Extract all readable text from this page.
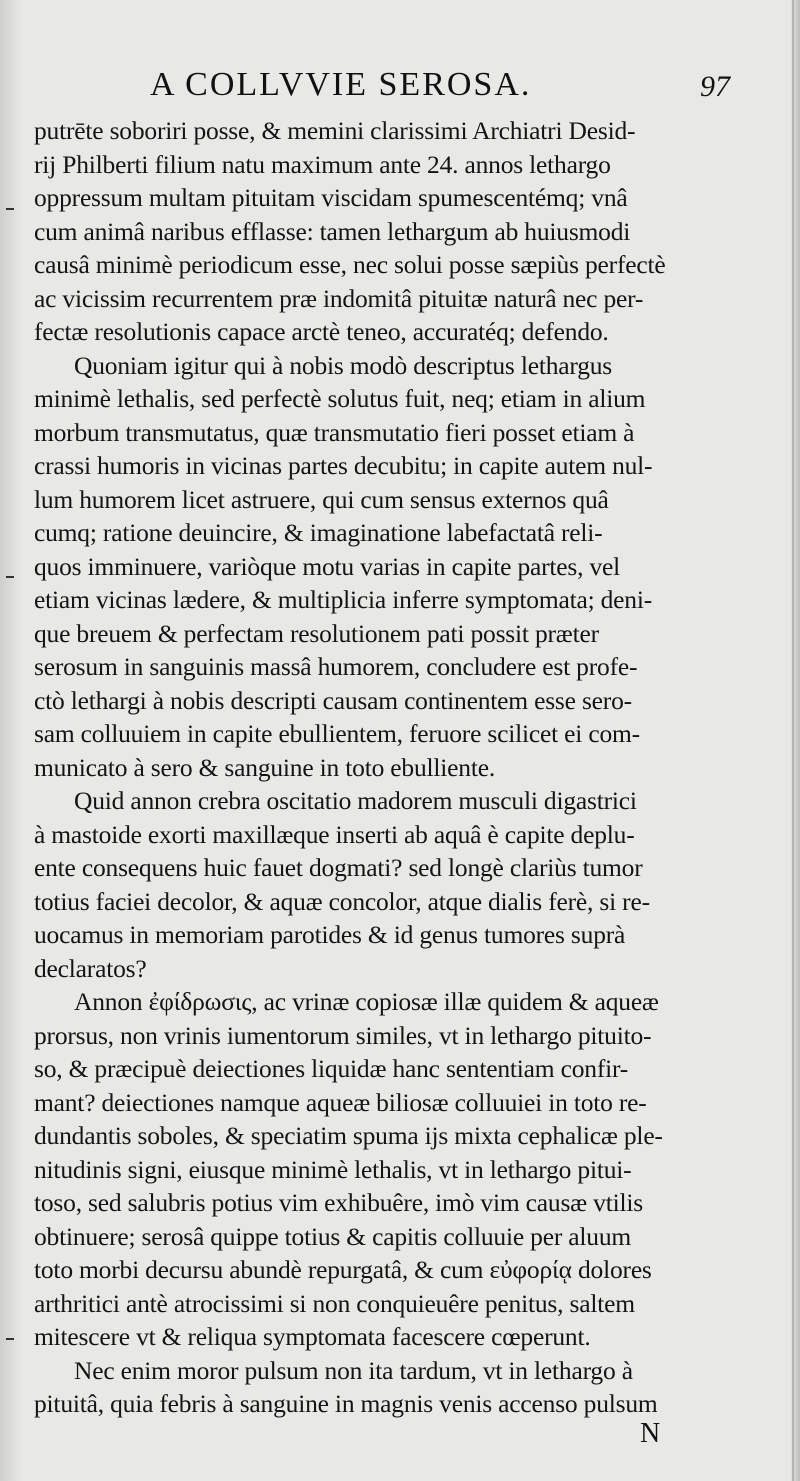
A COLLVVIE SEROSA.	97
putrēte soboriri posse, & memini clarissimi Archiatri Desid-
rij Philberti filium natu maximum ante 24. annos lethargo
oppressum multam pituitam viscidam spumescentémq; vnâ
cum animâ naribus efflasse: tamen lethargum ab huiusmodi
causâ minimè periodicum esse, nec solui posse sæpiùs perfectè
ac vicissim recurrentem præ indomitâ pituitæ naturâ nec per-
fectæ resolutionis capace arctè teneo, accuratéq; defendo.
Quoniam igitur qui à nobis modò descriptus lethargus
minimè lethalis, sed perfectè solutus fuit, neq; etiam in alium
morbum transmutatus, quæ transmutatio fieri posset etiam à
crassi humoris in vicinas partes decubitu; in capite autem nul-
lum humorem licet astruere, qui cum sensus externos quâ
cumq; ratione deuincire, & imaginatione labefactatâ reli-
quos imminuere, variòque motu varias in capite partes, vel
etiam vicinas lædere, & multiplicia inferre symptomata; deni-
que breuem & perfectam resolutionem pati possit præter
serosum in sanguinis massâ humorem, concludere est profe-
ctò lethargi à nobis descripti causam continentem esse sero-
sam colluuiem in capite ebullientem, feruore scilicet ei com-
municato à sero & sanguine in toto ebulliente.
Quid annon crebra oscitatio madorem musculi digastrici
à mastoide exorti maxillæque inserti ab aquâ è capite deplu-
ente consequens huic fauet dogmati? sed longè clariùs tumor
totius faciei decolor, & aquæ concolor, atque dialis ferè, si re-
uocamus in memoriam parotides & id genus tumores suprà
declaratos?
Annon ἐφίδρωσις, ac vrinæ copiosæ illæ quidem & aqueæ
prorsus, non vrinis iumentorum similes, vt in lethargo pituito-
so, & præcipuè deiectiones liquidæ hanc sententiam confir-
mant? deiectiones namque aqueæ biliosæ colluuiei in toto re-
dundantis soboles, & speciatim spuma ijs mixta cephalicæ ple-
nitudinis signi, eiusque minimè lethalis, vt in lethargo pitui-
toso, sed salubris potius vim exhibuêre, imò vim causæ vtilis
obtinuere; serosâ quippe totius & capitis colluuie per aluum
toto morbi decursu abundè repurgatâ, & cum εὐφορίᾳ dolores
arthritici antè atrocissimi si non conquieuêre penitus, saltem
mitescere vt & reliqua symptomata facescere cœperunt.
Nec enim moror pulsum non ita tardum, vt in lethargo à
pituitâ, quia febris à sanguine in magnis venis accenso pulsum
N
